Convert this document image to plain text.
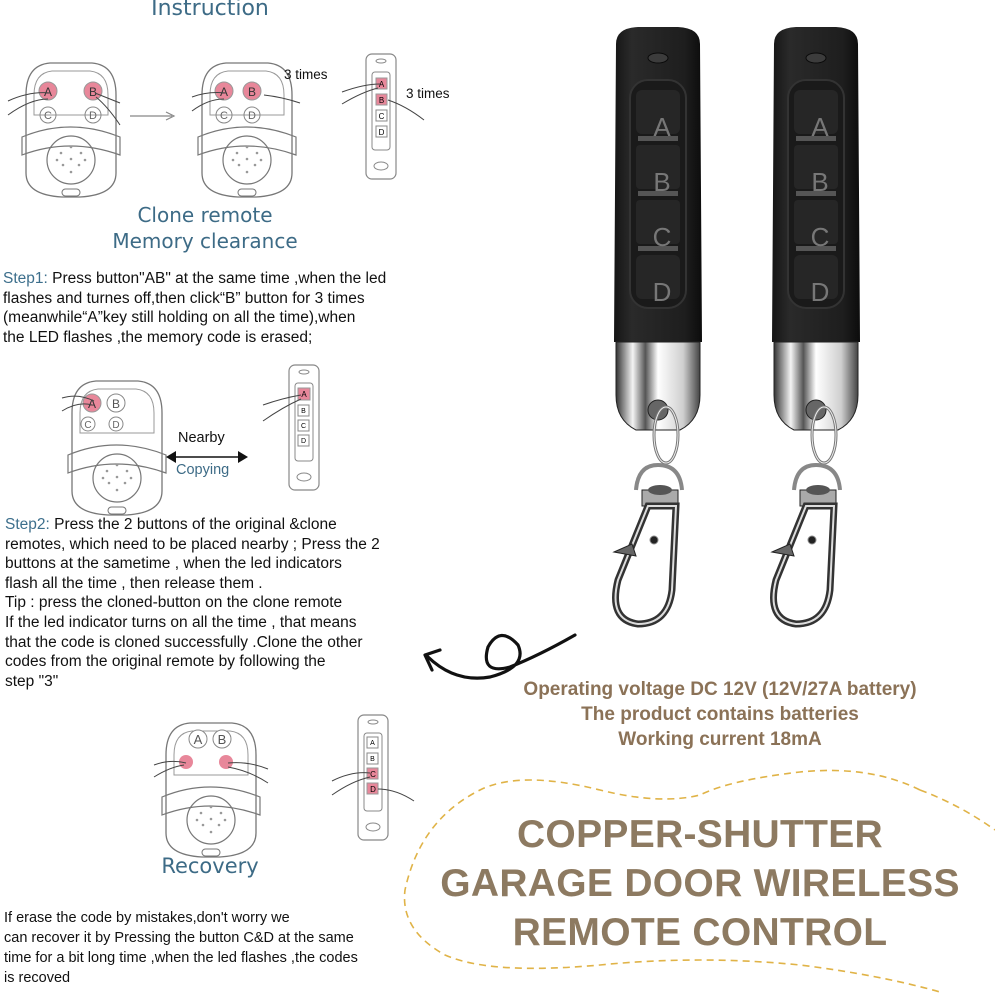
Instruction
A	B
C	D
A B
C D
A
B
C
D
3 times
3 times
Clone remote
Memory clearance
Step1: Press button"AB" at the same time ,when the led
flashes and turnes off,then click“B” button for 3 times
(meanwhile“A”key still holding on all the time),when
the LED flashes ,the memory code is erased;
A B
C D
A
B
C
D
Nearby
Copying
Step2: Press the 2 buttons of the original &clone
remotes, which need to be placed nearby ; Press the 2
buttons at the sametime , when the led indicators
flash all the time , then release them .
Tip : press the cloned-button on the clone remote
If the led indicator turns on all the time , that means
that the code is cloned successfully .Clone the other
codes from the original remote by following the
step "3"
A B	A
B
C
D
Recovery
If erase the code by mistakes,don't worry we
can recover it by Pressing the button C&D at the same
time for a bit long time ,when the led flashes ,the codes
is recoved
A
B
C
D
A
B
C
D
Operating voltage DC 12V (12V/27A battery)
The product contains batteries
Working current 18mA
COPPER-SHUTTER
GARAGE DOOR WIRELESS
REMOTE CONTROL
